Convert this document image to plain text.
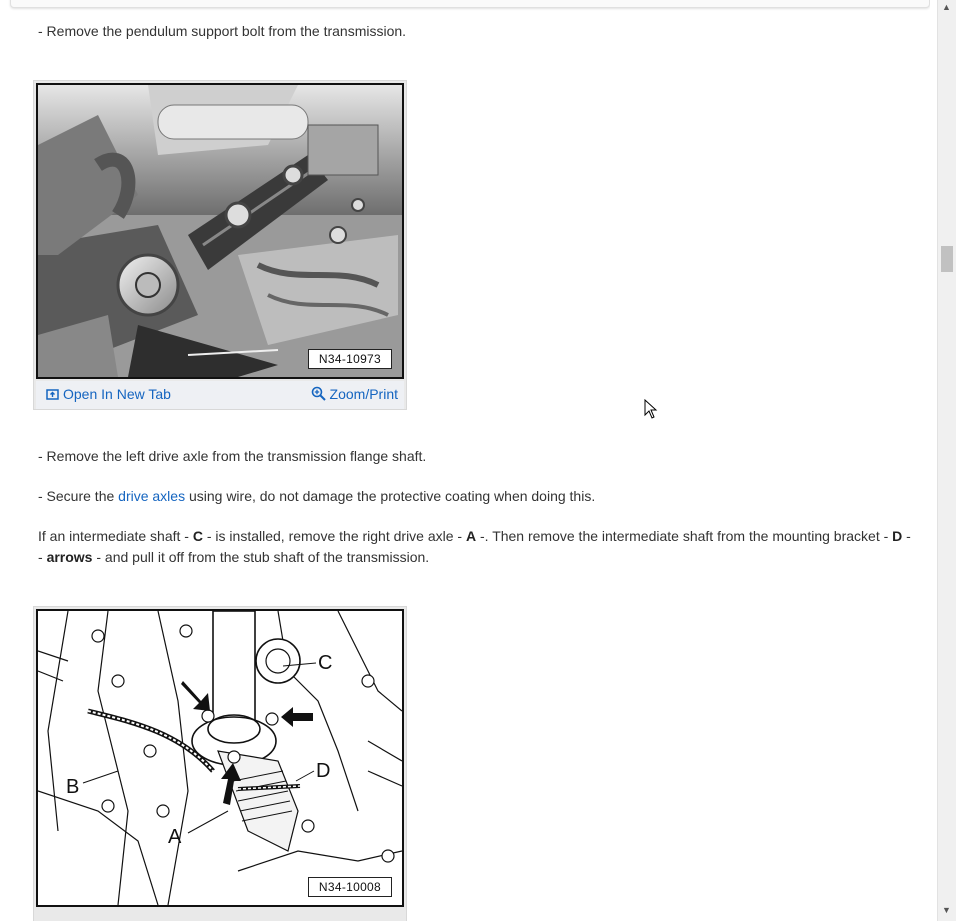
- Remove the pendulum support bolt from the transmission.
N34-10973
Open In New Tab	Zoom/Print
- Remove the left drive axle from the transmission flange shaft.
- Secure the drive axles using wire, do not damage the protective coating when doing this.
If an intermediate shaft - C - is installed, remove the right drive axle - A -. Then remove the intermediate shaft from the mounting bracket - D - - arrows - and pull it off from the stub shaft of the transmission.
B
A
C
D
N34-10008
▲
▼
